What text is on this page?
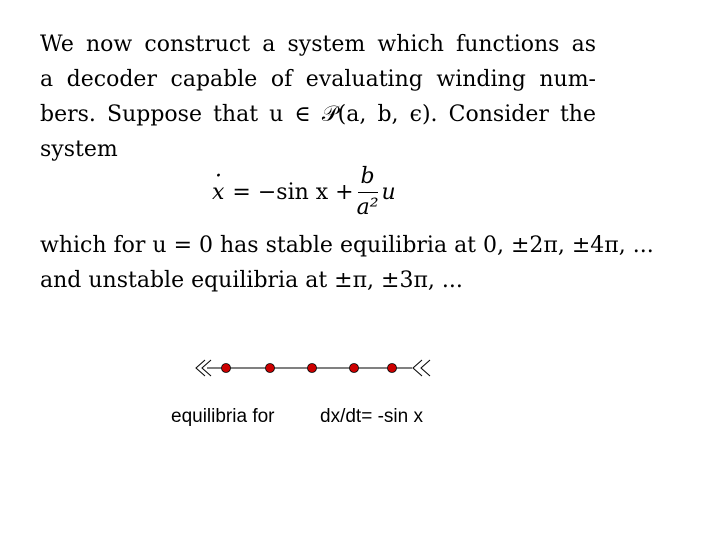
We now construct a system which functions as
a decoder capable of evaluating winding num-
bers. Suppose that u ∈ 𝒫(a, b, ϵ). Consider the
system
· x = −sin $x + \frac{b}{\text{a²}}$ u
which for u = 0 has stable equilibria at 0, ±2π, ±4π, ...
and unstable equilibria at ±π, ±3π, ...
equilibria for dx/dt= -sin x
